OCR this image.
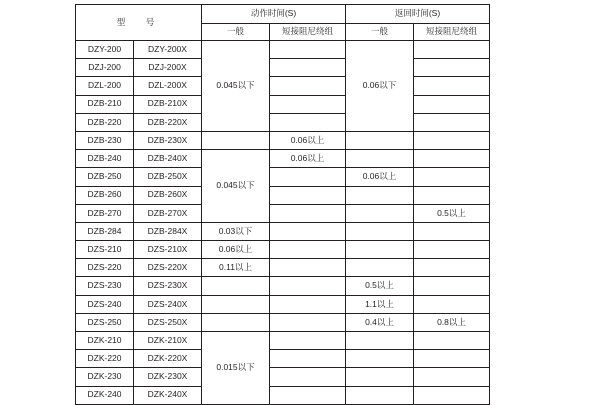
型　号		动作时间(S)		返回时间(S)	
		一般	短接阻尼绕组	一般	短接阻尼绕组
DZY-200	DZY-200X	0.045以下		0.06以下	
DZJ-200	DZJ-200X				
DZL-200	DZL-200X				
DZB-210	DZB-210X				
DZB-220	DZB-220X				
DZB-230	DZB-230X		0.06以上		
DZB-240	DZB-240X	0.045以下	0.06以上		
DZB-250	DZB-250X			0.06以上	
DZB-260	DZB-260X				
DZB-270	DZB-270X				0.5以上
DZB-284	DZB-284X	0.03以下			
DZS-210	DZS-210X	0.06以上			
DZS-220	DZS-220X	0.11以上			
DZS-230	DZS-230X			0.5以上	
DZS-240	DZS-240X			1.1以上	
DZS-250	DZS-250X			0.4以上	0.8以上
DZK-210	DZK-210X	0.015以下			
DZK-220	DZK-220X				
DZK-230	DZK-230X				
DZK-240	DZK-240X				
